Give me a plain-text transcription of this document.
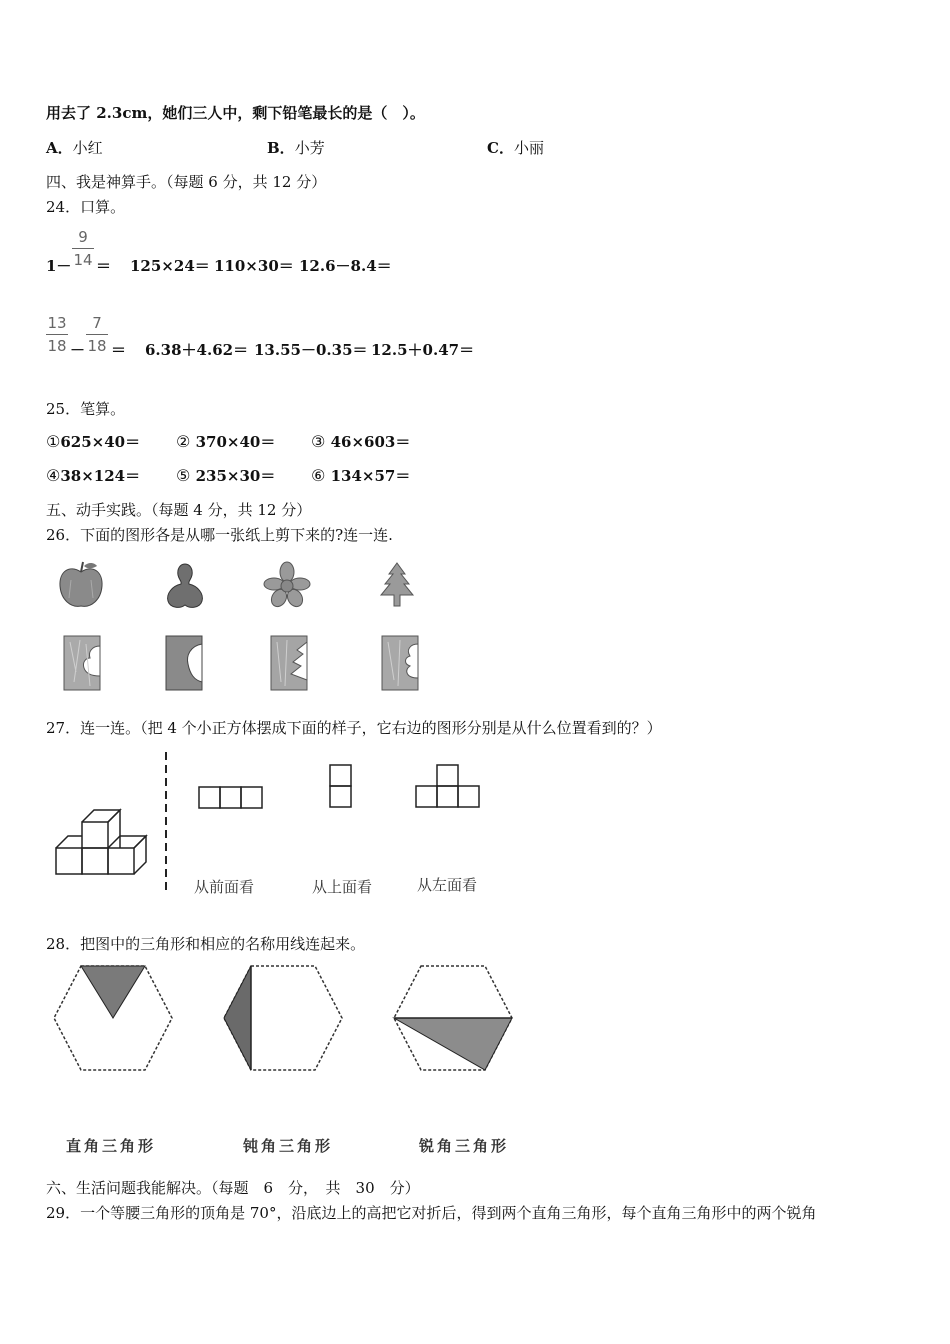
用去了 2.3cm，她们三人中，剩下铅笔最长的是（　）。
A．小红	B．小芳	C．小丽
四、我是神算手。（每题 6 分，共 12 分）
24．口算。
1－
9
14 ＝ 125×24＝ 110×30＝ 12.6－8.4＝
13
18 －
7
18 ＝ 6.38＋4.62＝ 13.55－0.35＝ 12.5＋0.47＝
25．笔算。
①625×40＝ ② 370×40＝ ③ 46×603＝
④38×124＝ ⑤ 235×30＝ ⑥ 134×57＝
五、动手实践。（每题 4 分，共 12 分）
26．下面的图形各是从哪一张纸上剪下来的?连一连.
27．连一连。（把 4 个小正方体摆成下面的样子，它右边的图形分别是从什么位置看到的？）
从前面看	从上面看	从左面看
28．把图中的三角形和相应的名称用线连起来。
直角三角形	钝角三角形	锐角三角形
六、生活问题我能解决。（每题　6　分，　共　30　分）
29．一个等腰三角形的顶角是 70°，沿底边上的高把它对折后，得到两个直角三角形，每个直角三角形中的两个锐角
